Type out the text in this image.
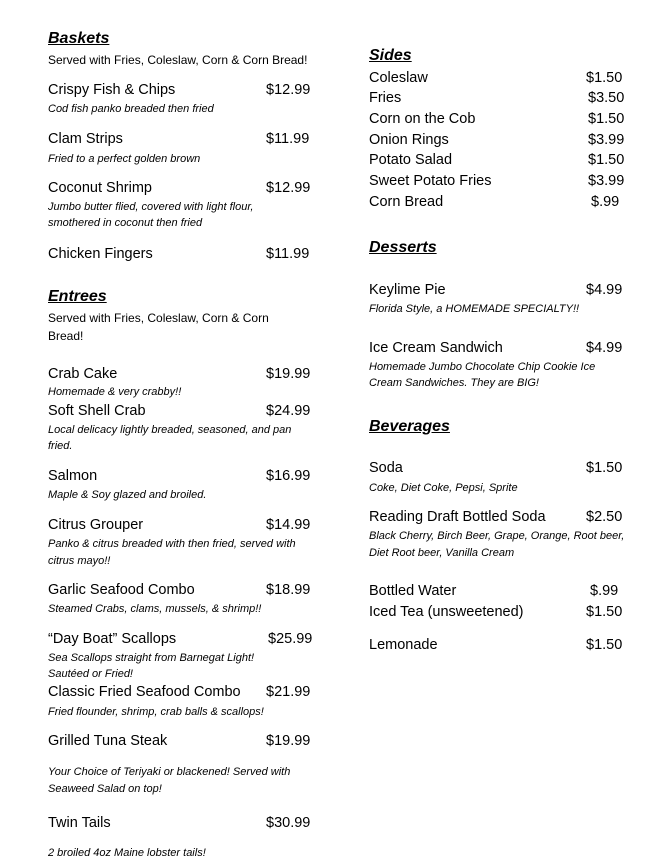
Baskets
Served with Fries, Coleslaw, Corn & Corn Bread!
Crispy Fish & Chips	$12.99
Cod fish panko breaded then fried
Clam Strips	$11.99
Fried to a perfect golden brown
Coconut Shrimp	$12.99
Jumbo butter flied, covered with light flour,
smothered in coconut then fried
Chicken Fingers	$11.99
Entrees
Served with Fries, Coleslaw, Corn & Corn
Bread!
Crab Cake	$19.99
Homemade & very crabby!!
Soft Shell Crab	$24.99
Local delicacy lightly breaded, seasoned, and pan
fried.
Salmon	$16.99
Maple & Soy glazed and broiled.
Citrus Grouper	$14.99
Panko & citrus breaded with then fried, served with
citrus mayo!!
Garlic Seafood Combo	$18.99
Steamed Crabs, clams, mussels, & shrimp!!
“Day Boat” Scallops	$25.99
Sea Scallops straight from Barnegat Light!
Sautéed or Fried!
Classic Fried Seafood Combo $21.99
Fried flounder, shrimp, crab balls & scallops!
Grilled Tuna Steak	$19.99
Your Choice of Teriyaki or blackened! Served with
Seaweed Salad on top!
Twin Tails	$30.99
2 broiled 4oz Maine lobster tails!
Sides
Coleslaw	$1.50
Fries	$3.50
Corn on the Cob	$1.50
Onion Rings	$3.99
Potato Salad	$1.50
Sweet Potato Fries	$3.99
Corn Bread	$.99
Desserts
Keylime Pie	$4.99
Florida Style, a HOMEMADE SPECIALTY!!
Ice Cream Sandwich	$4.99
Homemade Jumbo Chocolate Chip Cookie Ice
Cream Sandwiches. They are BIG!
Beverages
Soda	$1.50
Coke, Diet Coke, Pepsi, Sprite
Reading Draft Bottled Soda	$2.50
Black Cherry, Birch Beer, Grape, Orange, Root beer,
Diet Root beer, Vanilla Cream
Bottled Water	$.99
Iced Tea (unsweetened)	$1.50
Lemonade	$1.50
